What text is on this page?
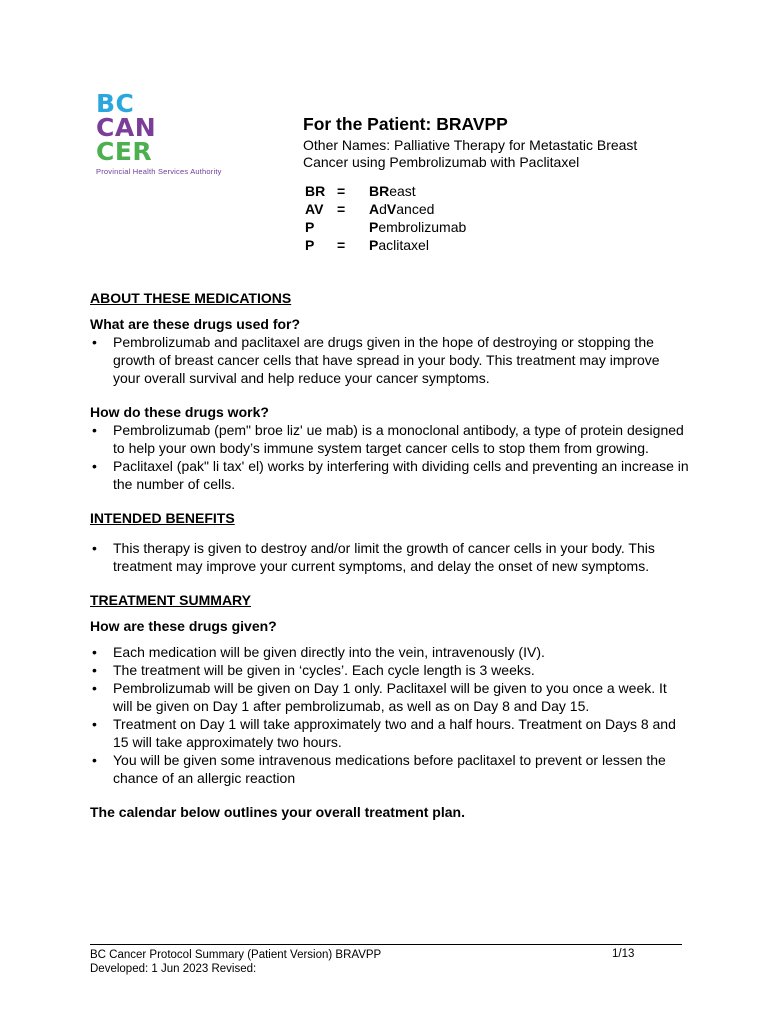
BC
CAN
CER
Provincial Health Services Authority
For the Patient: BRAVPP
Other Names: Palliative Therapy for Metastatic Breast
Cancer using Pembrolizumab with Paclitaxel
BR =	BReast
AV =	AdVanced
P	Pembrolizumab
P	=	Paclitaxel

ABOUT THESE MEDICATIONS

What are these drugs used for?

• Pembrolizumab and paclitaxel are drugs given in the hope of destroying or stopping the growth of breast cancer cells that have spread in your body. This treatment may improve your overall survival and help reduce your cancer symptoms.

How do these drugs work?

• Pembrolizumab (pem" broe liz' ue mab) is a monoclonal antibody, a type of protein designed to help your own body’s immune system target cancer cells to stop them from growing.
• Paclitaxel (pak" li tax' el) works by interfering with dividing cells and preventing an increase in the number of cells.

INTENDED BENEFITS

• This therapy is given to destroy and/or limit the growth of cancer cells in your body. This treatment may improve your current symptoms, and delay the onset of new symptoms.

TREATMENT SUMMARY

How are these drugs given?

• Each medication will be given directly into the vein, intravenously (IV).
• The treatment will be given in ‘cycles’. Each cycle length is 3 weeks.
• Pembrolizumab will be given on Day 1 only. Paclitaxel will be given to you once a week. It will be given on Day 1 after pembrolizumab, as well as on Day 8 and Day 15.
• Treatment on Day 1 will take approximately two and a half hours. Treatment on Days 8 and 15 will take approximately two hours.
• You will be given some intravenous medications before paclitaxel to prevent or lessen the chance of an allergic reaction

The calendar below outlines your overall treatment plan.

BC Cancer Protocol Summary (Patient Version) BRAVPP
Developed: 1 Jun 2023 Revised:
1/13
